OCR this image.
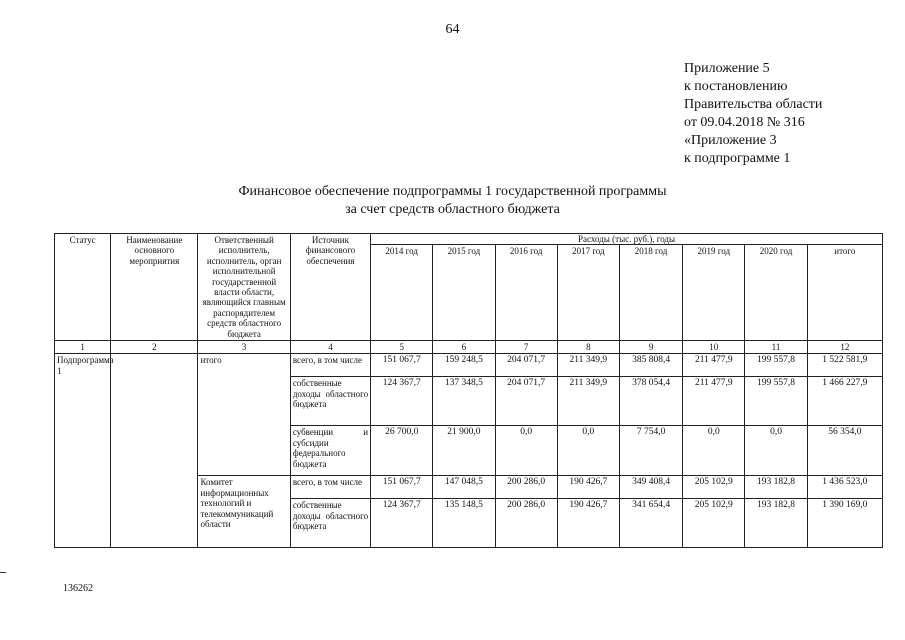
64
Приложение 5
к постановлению
Правительства области
от 09.04.2018 № 316
«Приложение 3
к подпрограмме 1
Финансовое обеспечение подпрограммы 1 государственной программы
за счет средств областного бюджета
Статус	Наименование основного мероприятия	Ответственный исполнитель, исполнитель, орган исполнительной государственной власти области, являющийся главным распорядителем средств областного бюджета	Источник финансового обеспечения	Расходы (тыс. руб.), годы							
				2014 год	2015 год	2016 год	2017 год	2018 год	2019 год	2020 год	итого
1	2	3	4	5	6	7	8	9	10	11	12
Подпрограмма 1		итого	всего, в том числе	151 067,7	159 248,5	204 071,7	211 349,9	385 808,4	211 477,9	199 557,8	1 522 581,9
			собственные доходы областного бюджета	124 367,7	137 348,5	204 071,7	211 349,9	378 054,4	211 477,9	199 557,8	1 466 227,9
			субвенции и субсидии федерального бюджета	26 700,0	21 900,0	0,0	0,0	7 754,0	0,0	0,0	56 354,0
		Комитет информационных технологий и телекоммуникаций области	всего, в том числе	151 067,7	147 048,5	200 286,0	190 426,7	349 408,4	205 102,9	193 182,8	1 436 523,0
			собственные доходы областного бюджета	124 367,7	135 148,5	200 286,0	190 426,7	341 654,4	205 102,9	193 182,8	1 390 169,0
136262
